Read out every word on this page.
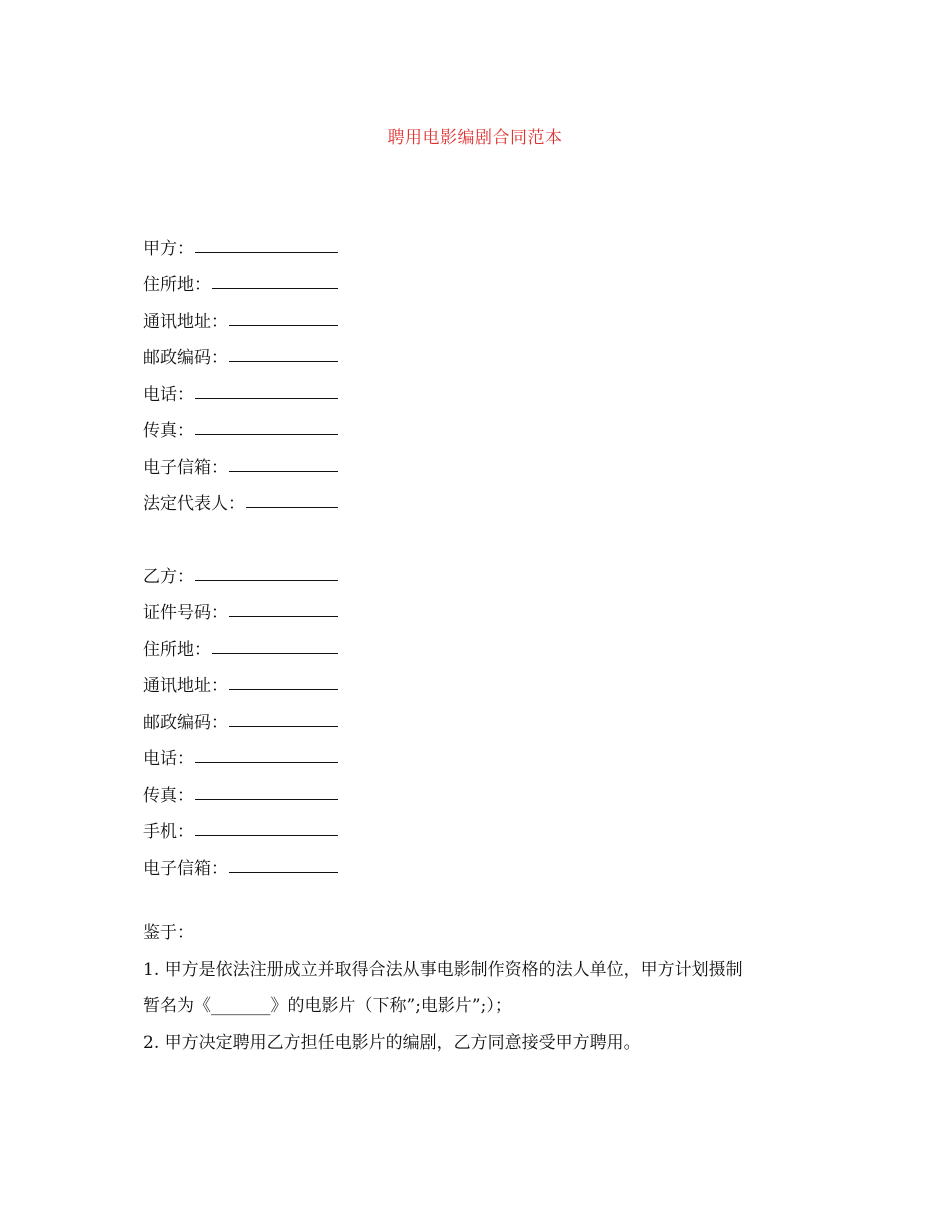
聘用电影编剧合同范本
甲方：
住所地：
通讯地址：
邮政编码：
电话：
传真：
电子信箱：
法定代表人：
乙方：
证件号码：
住所地：
通讯地址：
邮政编码：
电话：
传真：
手机：
电子信箱：

鉴于：

1. 甲方是依法注册成立并取得合法从事电影制作资格的法人单位，甲方计划摄制

暂名为《_______》的电影片（下称”;电影片”;）；

2. 甲方决定聘用乙方担任电影片的编剧，乙方同意接受甲方聘用。
